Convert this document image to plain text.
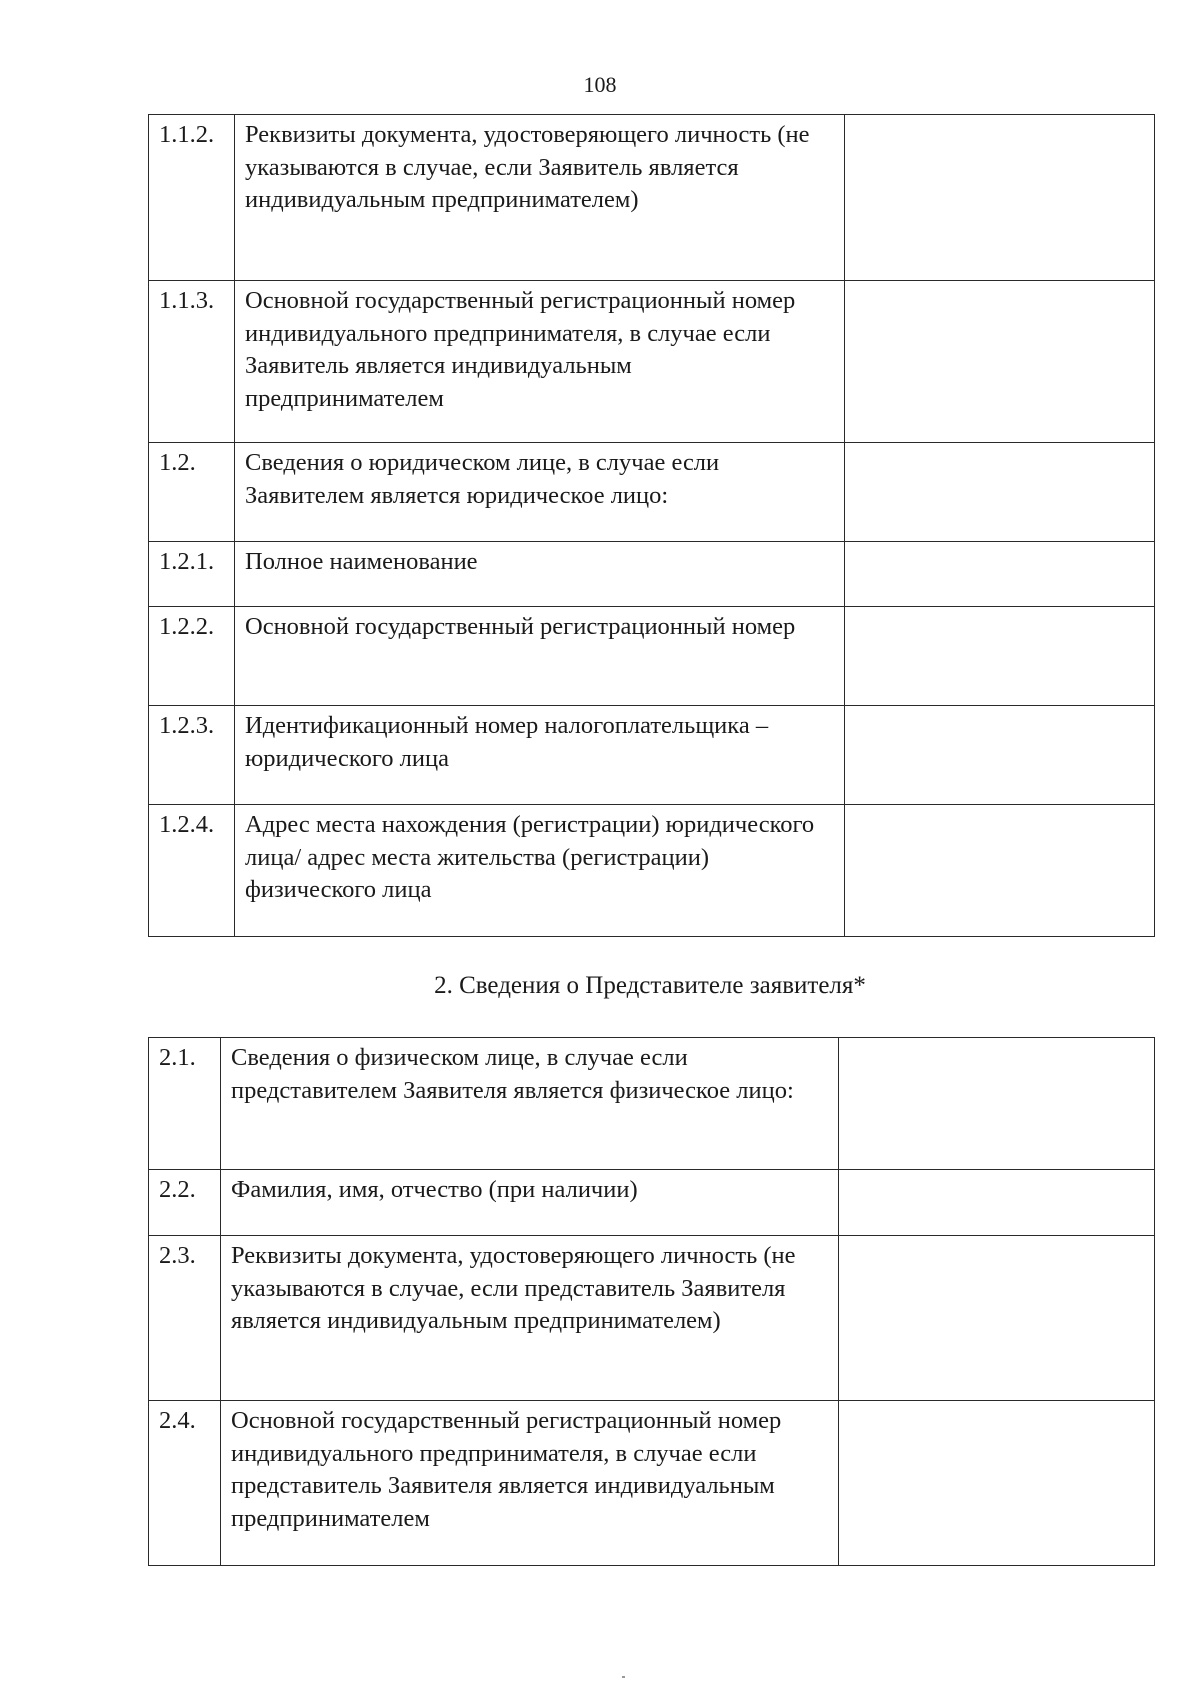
108
1.1.2.	Реквизиты документа, удостоверяющего личность (не указываются в случае, если Заявитель является индивидуальным предпринимателем)	
1.1.3.	Основной государственный регистрационный номер индивидуального предпринимателя, в случае если Заявитель является индивидуальным предпринимателем	
1.2.	Сведения о юридическом лице, в случае если Заявителем является юридическое лицо:	
1.2.1.	Полное наименование	
1.2.2.	Основной государственный регистрационный номер	
1.2.3.	Идентификационный номер налогоплательщика – юридического лица	
1.2.4.	Адрес места нахождения (регистрации) юридического лица/ адрес места жительства (регистрации) физического лица	
2. Сведения о Представителе заявителя*
2.1.	Сведения о физическом лице, в случае если представителем Заявителя является физическое лицо:	
2.2.	Фамилия, имя, отчество (при наличии)	
2.3.	Реквизиты документа, удостоверяющего личность (не указываются в случае, если представитель Заявителя является индивидуальным предпринимателем)	
2.4.	Основной государственный регистрационный номер индивидуального предпринимателя, в случае если представитель Заявителя является индивидуальным предпринимателем	
